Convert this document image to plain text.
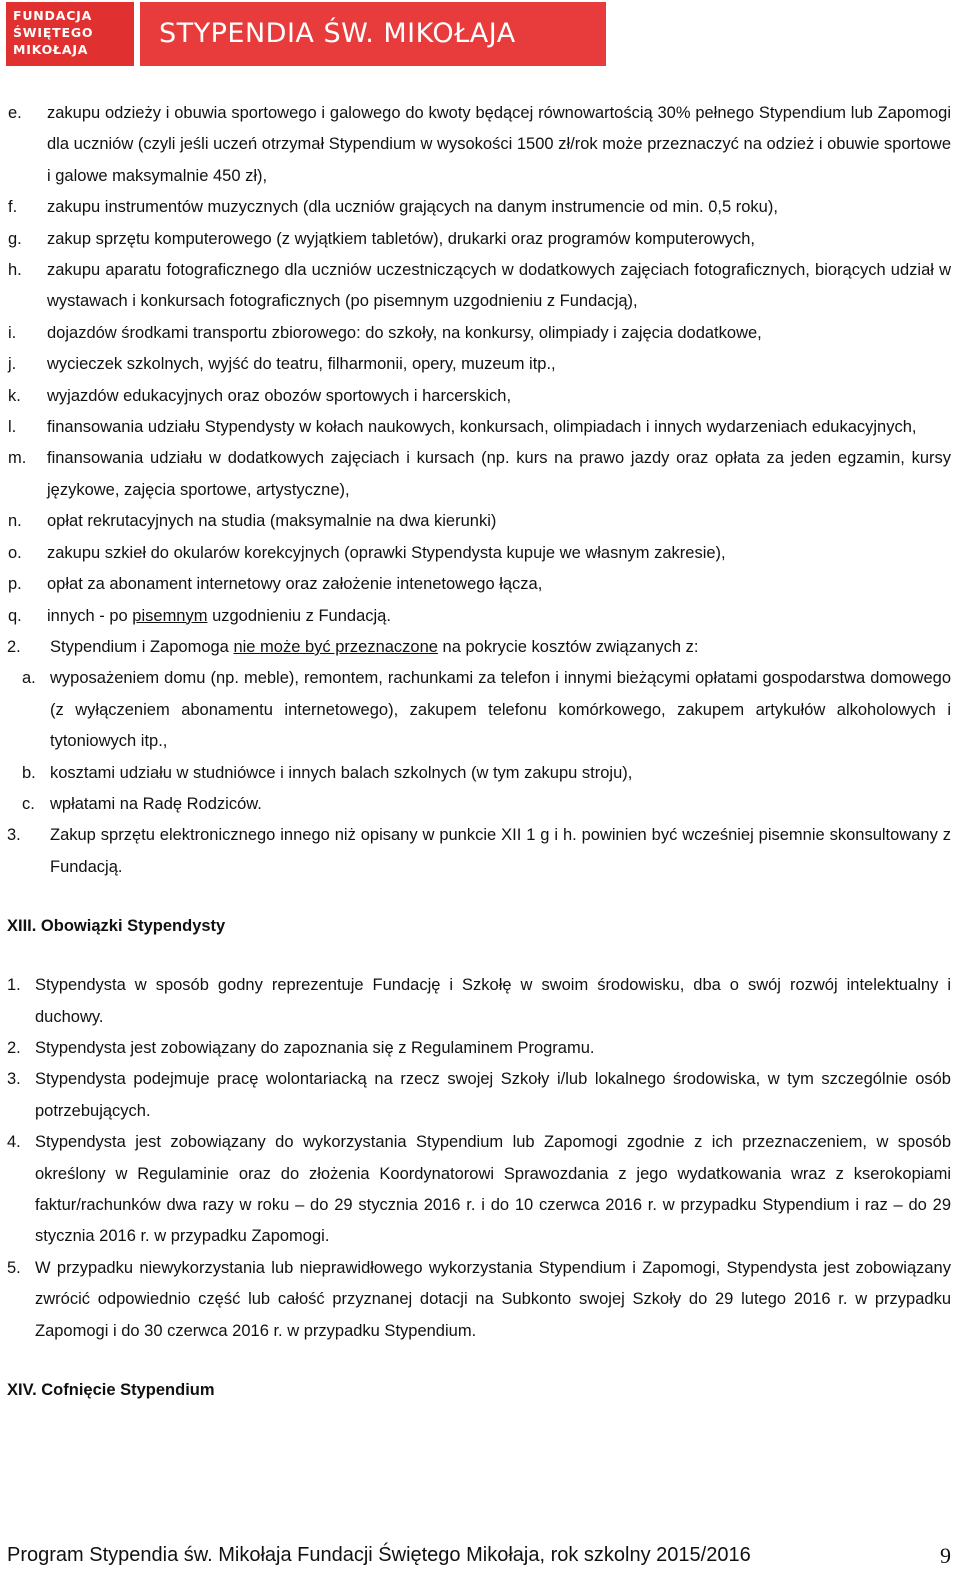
FUNDACJA
ŚWIĘTEGO
MIKOŁAJA
STYPENDIA ŚW. MIKOŁAJA
e. zakupu odzieży i obuwia sportowego i galowego do kwoty będącej równowartością 30% pełnego Stypendium lub Zapomogi dla uczniów (czyli jeśli uczeń otrzymał Stypendium w wysokości 1500 zł/rok może przeznaczyć na odzież i obuwie sportowe i galowe maksymalnie 450 zł),
f. zakupu instrumentów muzycznych (dla uczniów grających na danym instrumencie od min. 0,5 roku),
g. zakup sprzętu komputerowego (z wyjątkiem tabletów), drukarki oraz programów komputerowych,
h. zakupu aparatu fotograficznego dla uczniów uczestniczących w dodatkowych zajęciach fotograficznych, biorących udział w wystawach i konkursach fotograficznych (po pisemnym uzgodnieniu z Fundacją),
i. dojazdów środkami transportu zbiorowego: do szkoły, na konkursy, olimpiady i zajęcia dodatkowe,
j. wycieczek szkolnych, wyjść do teatru, filharmonii, opery, muzeum itp.,
k. wyjazdów edukacyjnych oraz obozów sportowych i harcerskich,
l. finansowania udziału Stypendysty w kołach naukowych, konkursach, olimpiadach i innych wydarzeniach edukacyjnych,
m. finansowania udziału w dodatkowych zajęciach i kursach (np. kurs na prawo jazdy oraz opłata za jeden egzamin, kursy językowe, zajęcia sportowe, artystyczne),
n. opłat rekrutacyjnych na studia (maksymalnie na dwa kierunki)
o. zakupu szkieł do okularów korekcyjnych (oprawki Stypendysta kupuje we własnym zakresie),
p. opłat za abonament internetowy oraz założenie intenetowego łącza,
q. innych - po pisemnym uzgodnieniu z Fundacją.
2. Stypendium i Zapomoga nie może być przeznaczone na pokrycie kosztów związanych z:
a. wyposażeniem domu (np. meble), remontem, rachunkami za telefon i innymi bieżącymi opłatami gospodarstwa domowego (z wyłączeniem abonamentu internetowego), zakupem telefonu komórkowego, zakupem artykułów alkoholowych i tytoniowych itp.,
b. kosztami udziału w studniówce i innych balach szkolnych (w tym zakupu stroju),
c. wpłatami na Radę Rodziców.
3. Zakup sprzętu elektronicznego innego niż opisany w punkcie XII 1 g i h. powinien być wcześniej pisemnie skonsultowany z Fundacją.
XIII. Obowiązki Stypendysty
1. Stypendysta w sposób godny reprezentuje Fundację i Szkołę w swoim środowisku, dba o swój rozwój intelektualny i duchowy.
2. Stypendysta jest zobowiązany do zapoznania się z Regulaminem Programu.
3. Stypendysta podejmuje pracę wolontariacką na rzecz swojej Szkoły i/lub lokalnego środowiska, w tym szczególnie osób potrzebujących.
4. Stypendysta jest zobowiązany do wykorzystania Stypendium lub Zapomogi zgodnie z ich przeznaczeniem, w sposób określony w Regulaminie oraz do złożenia Koordynatorowi Sprawozdania z jego wydatkowania wraz z kserokopiami faktur/rachunków dwa razy w roku – do 29 stycznia 2016 r. i do 10 czerwca 2016 r. w przypadku Stypendium i raz – do 29 stycznia 2016 r. w przypadku Zapomogi.
5. W przypadku niewykorzystania lub nieprawidłowego wykorzystania Stypendium i Zapomogi, Stypendysta jest zobowiązany zwrócić odpowiednio część lub całość przyznanej dotacji na Subkonto swojej Szkoły do 29 lutego 2016 r. w przypadku Zapomogi i do 30 czerwca 2016 r. w przypadku Stypendium.
XIV. Cofnięcie Stypendium
Program Stypendia św. Mikołaja Fundacji Świętego Mikołaja, rok szkolny 2015/2016	9
